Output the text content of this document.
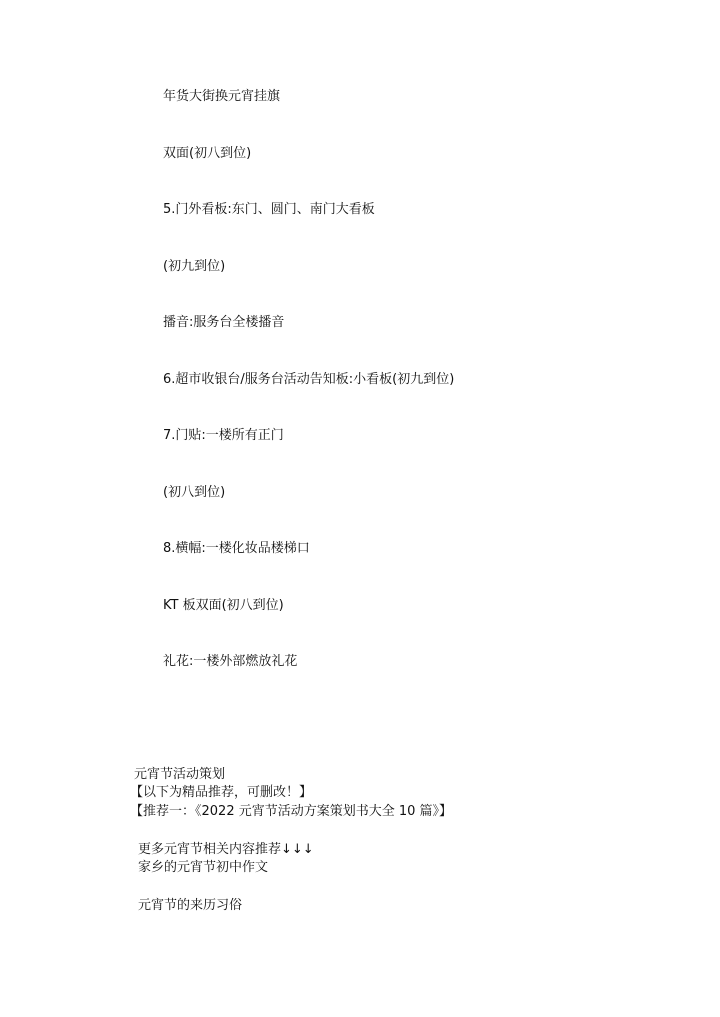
年货大街换元宵挂旗
双面(初八到位)
5.门外看板:东门、圆门、南门大看板
(初九到位)
播音:服务台全楼播音
6.超市收银台/服务台活动告知板:小看板(初九到位)
7.门贴:一楼所有正门
(初八到位)
8.横幅:一楼化妆品楼梯口
KT 板双面(初八到位)
礼花:一楼外部燃放礼花
元宵节活动策划
【以下为精品推荐，可删改！】
【推荐一：《2022 元宵节活动方案策划书大全 10 篇》】
更多元宵节相关内容推荐↓↓↓
家乡的元宵节初中作文
元宵节的来历习俗
